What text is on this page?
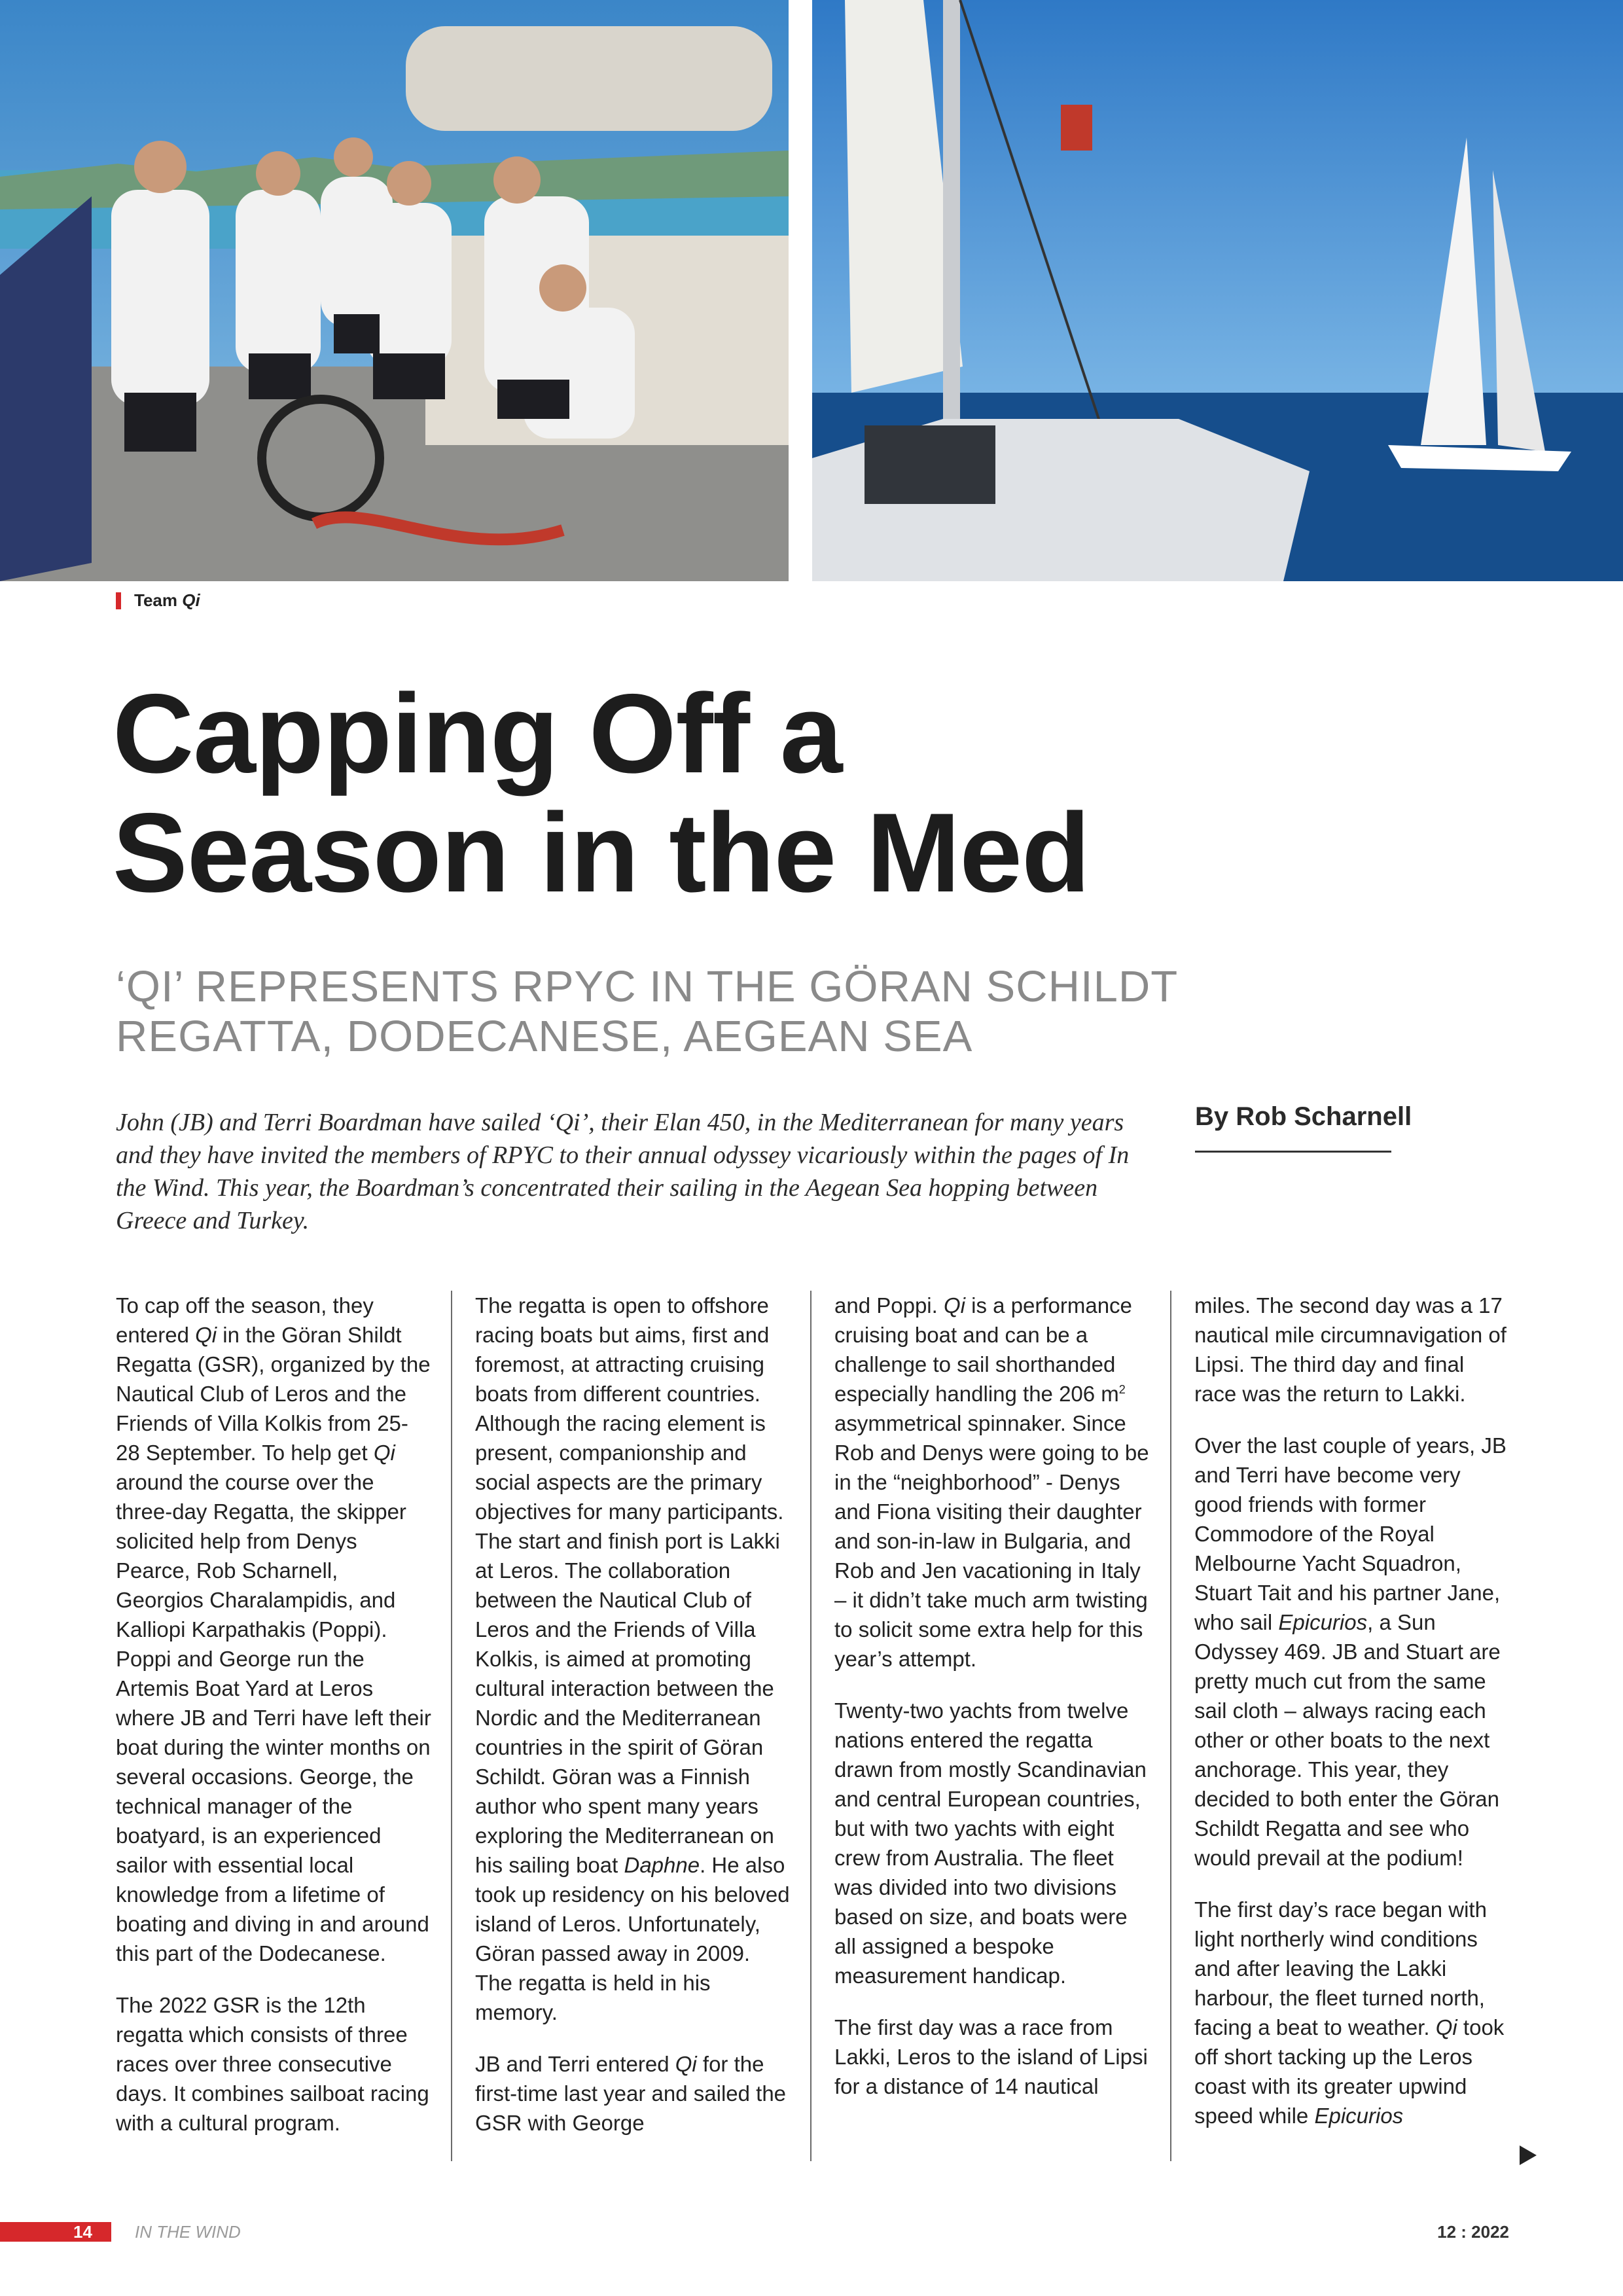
Team Qi
Capping Off a
Season in the Med
‘QI’ REPRESENTS RPYC IN THE GÖRAN SCHILDT
REGATTA, DODECANESE, AEGEAN SEA

John (JB) and Terri Boardman have sailed ‘Qi’, their Elan 450, in the Mediterranean for many years and they have invited the members of RPYC to their annual odyssey vicariously within the pages of In the Wind. This year, the Boardman’s concentrated their sailing in the Aegean Sea hopping between Greece and Turkey.

By Rob Scharnell

To cap off the season, they entered Qi in the Göran Shildt Regatta (GSR), organized by the Nautical Club of Leros and the Friends of Villa Kolkis from 25-28 September. To help get Qi around the course over the three-day Regatta, the skipper solicited help from Denys Pearce, Rob Scharnell, Georgios Charalampidis, and Kalliopi Karpathakis (Poppi). Poppi and George run the Artemis Boat Yard at Leros where JB and Terri have left their boat during the winter months on several occasions. George, the technical manager of the boatyard, is an experienced sailor with essential local knowledge from a lifetime of boating and diving in and around this part of the Dodecanese.

The 2022 GSR is the 12th regatta which consists of three races over three consecutive days. It combines sailboat racing with a cultural program.

The regatta is open to offshore racing boats but aims, first and foremost, at attracting cruising boats from different countries. Although the racing element is present, companionship and social aspects are the primary objectives for many participants. The start and finish port is Lakki at Leros. The collaboration between the Nautical Club of Leros and the Friends of Villa Kolkis, is aimed at promoting cultural interaction between the Nordic and the Mediterranean countries in the spirit of Göran Schildt. Göran was a Finnish author who spent many years exploring the Mediterranean on his sailing boat Daphne. He also took up residency on his beloved island of Leros. Unfortunately, Göran passed away in 2009. The regatta is held in his memory.

JB and Terri entered Qi for the first-time last year and sailed the GSR with George

and Poppi. Qi is a performance cruising boat and can be a challenge to sail shorthanded especially handling the 206 $m^2$ asymmetrical spinnaker. Since Rob and Denys were going to be in the “neighborhood” - Denys and Fiona visiting their daughter and son-in-law in Bulgaria, and Rob and Jen vacationing in Italy – it didn’t take much arm twisting to solicit some extra help for this year’s attempt.

Twenty-two yachts from twelve nations entered the regatta drawn from mostly Scandinavian and central European countries, but with two yachts with eight crew from Australia. The fleet was divided into two divisions based on size, and boats were all assigned a bespoke measurement handicap.

The first day was a race from Lakki, Leros to the island of Lipsi for a distance of 14 nautical

miles. The second day was a 17 nautical mile circumnavigation of Lipsi. The third day and final race was the return to Lakki.

Over the last couple of years, JB and Terri have become very good friends with former Commodore of the Royal Melbourne Yacht Squadron, Stuart Tait and his partner Jane, who sail Epicurios, a Sun Odyssey 469. JB and Stuart are pretty much cut from the same sail cloth – always racing each other or other boats to the next anchorage. This year, they decided to both enter the Göran Schildt Regatta and see who would prevail at the podium!

The first day’s race began with light northerly wind conditions and after leaving the Lakki harbour, the fleet turned north, facing a beat to weather. Qi took off short tacking up the Leros coast with its greater upwind speed while Epicurios

14	IN THE WIND	12 : 2022
